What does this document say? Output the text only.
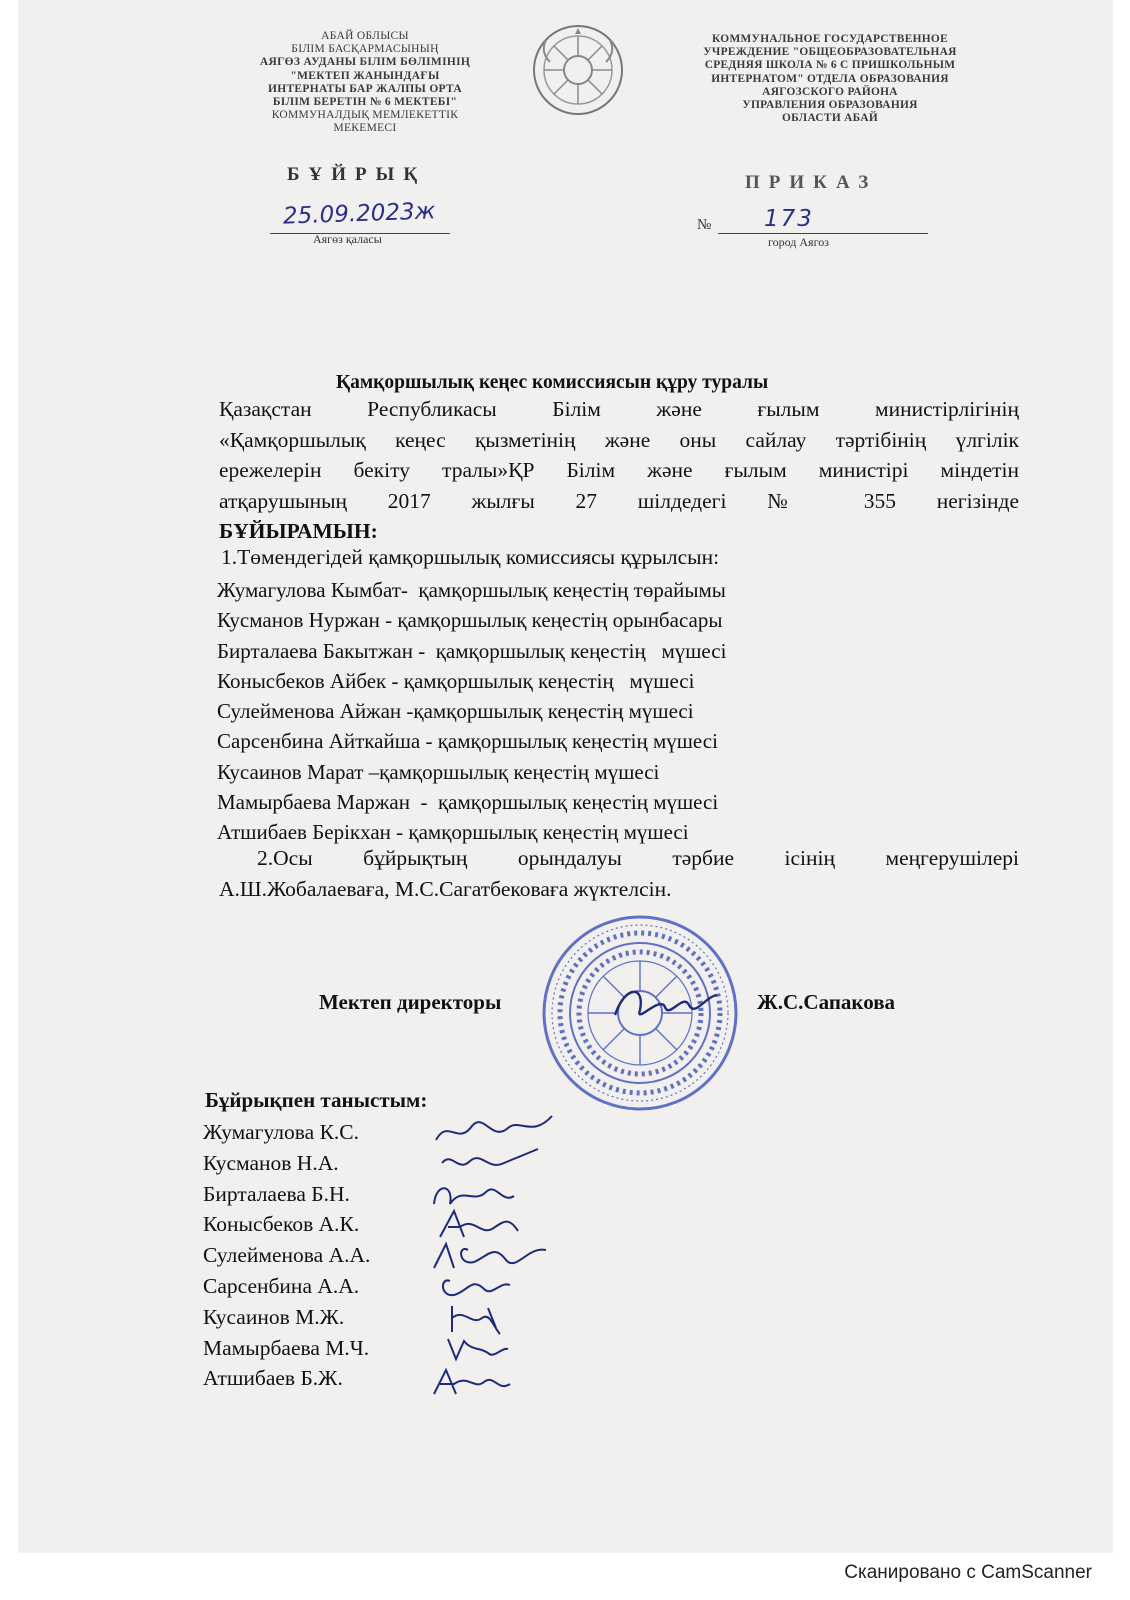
АБАЙ ОБЛЫСЫ
БІЛІМ БАСҚАРМАСЫНЫҢ
АЯГӨЗ АУДАНЫ БІЛІМ БӨЛІМІНІҢ
"МЕКТЕП ЖАНЫНДАҒЫ
ИНТЕРНАТЫ БАР ЖАЛПЫ ОРТА
БІЛІМ БЕРЕТІН № 6 МЕКТЕБІ"
КОММУНАЛДЫҚ МЕМЛЕКЕТТІК
МЕКЕМЕСІ
КОММУНАЛЬНОЕ ГОСУДАРСТВЕННОЕ
УЧРЕЖДЕНИЕ "ОБЩЕОБРАЗОВАТЕЛЬНАЯ
СРЕДНЯЯ ШКОЛА № 6 С ПРИШКОЛЬНЫМ
ИНТЕРНАТОМ" ОТДЕЛА ОБРАЗОВАНИЯ
АЯГОЗСКОГО РАЙОНА
УПРАВЛЕНИЯ ОБРАЗОВАНИЯ
ОБЛАСТИ АБАЙ
БҰЙРЫҚ	ПРИКАЗ
25.09.2023ж
Аягөз қаласы
№ 173
город Аягоз
Қамқоршылық кеңес комиссиясын құру туралы
Қазақстан Республикасы Білім және ғылым министірлігінің
«Қамқоршылық кеңес қызметінің және оны сайлау тәртібінің үлгілік
ережелерін бекіту тралы»ҚР Білім және ғылым министірі міндетін
атқарушының 2017 жылғы 27 шілдедегі № 355 негізінде
БҰЙЫРАМЫН:
1.Төмендегідей қамқоршылық комиссиясы құрылсын:
Жумагулова Кымбат-  қамқоршылық кеңестің төрайымы
Кусманов Нуржан - қамқоршылық кеңестің орынбасары
Бирталаева Бакытжан -  қамқоршылық кеңестің   мүшесі
Конысбеков Айбек - қамқоршылық кеңестің   мүшесі
Сулейменова Айжан -қамқоршылық кеңестің мүшесі
Сарсенбина Айткайша - қамқоршылық кеңестің мүшесі
Кусаинов Марат –қамқоршылық кеңестің мүшесі
Мамырбаева Маржан  -  қамқоршылық кеңестің мүшесі
Атшибаев Берікхан - қамқоршылық кеңестің мүшесі
2.Осы бұйрықтың орындалуы тәрбие ісінің меңгерушілері
А.Ш.Жобалаеваға, М.С.Сагатбековаға жүктелсін.
Мектеп директоры	Ж.С.Сапакова
Бұйрықпен таныстым:
Жумагулова К.С.
Кусманов Н.А.
Бирталаева Б.Н.
Конысбеков А.К.
Сулейменова А.А.
Сарсенбина А.А.
Кусаинов М.Ж.
Мамырбаева М.Ч.
Атшибаев Б.Ж.
Сканировано с CamScanner
